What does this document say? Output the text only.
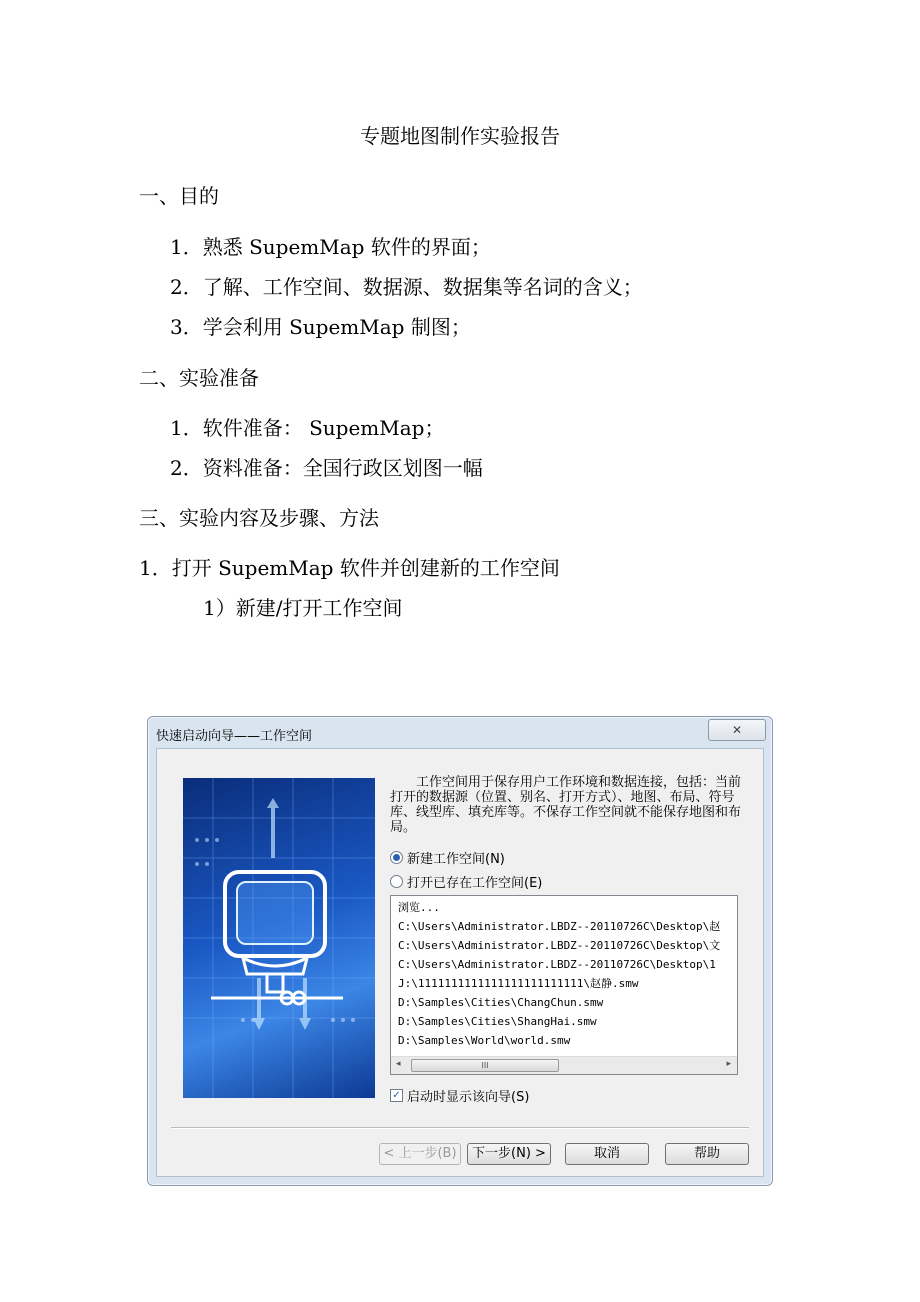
专题地图制作实验报告
一、目的
1．熟悉 SupemMap 软件的界面；
2．了解、工作空间、数据源、数据集等名词的含义；
3．学会利用 SupemMap 制图；
二、实验准备
1．软件准备： SupemMap；
2．资料准备：全国行政区划图一幅
三、实验内容及步骤、方法
1．打开 SupemMap 软件并创建新的工作空间
1）新建/打开工作空间
快速启动向导——工作空间	✕
　　工作空间用于保存用户工作环境和数据连接，包括：当前打开的数据源（位置、别名、打开方式）、地图、布局、符号库、线型库、填充库等。不保存工作空间就不能保存地图和布局。
新建工作空间(N)
打开已存在工作空间(E)
浏览...
C:\Users\Administrator.LBDZ--20110726C\Desktop\赵
C:\Users\Administrator.LBDZ--20110726C\Desktop\文
C:\Users\Administrator.LBDZ--20110726C\Desktop\1
J:\1111111111111111111111111\赵静.smw
D:\Samples\Cities\ChangChun.smw
D:\Samples\Cities\ShangHai.smw
D:\Samples\World\world.smw
◂	III	▸
✓ 启动时显示该向导(S)
< 上一步(B)	下一步(N) >	取消	帮助
